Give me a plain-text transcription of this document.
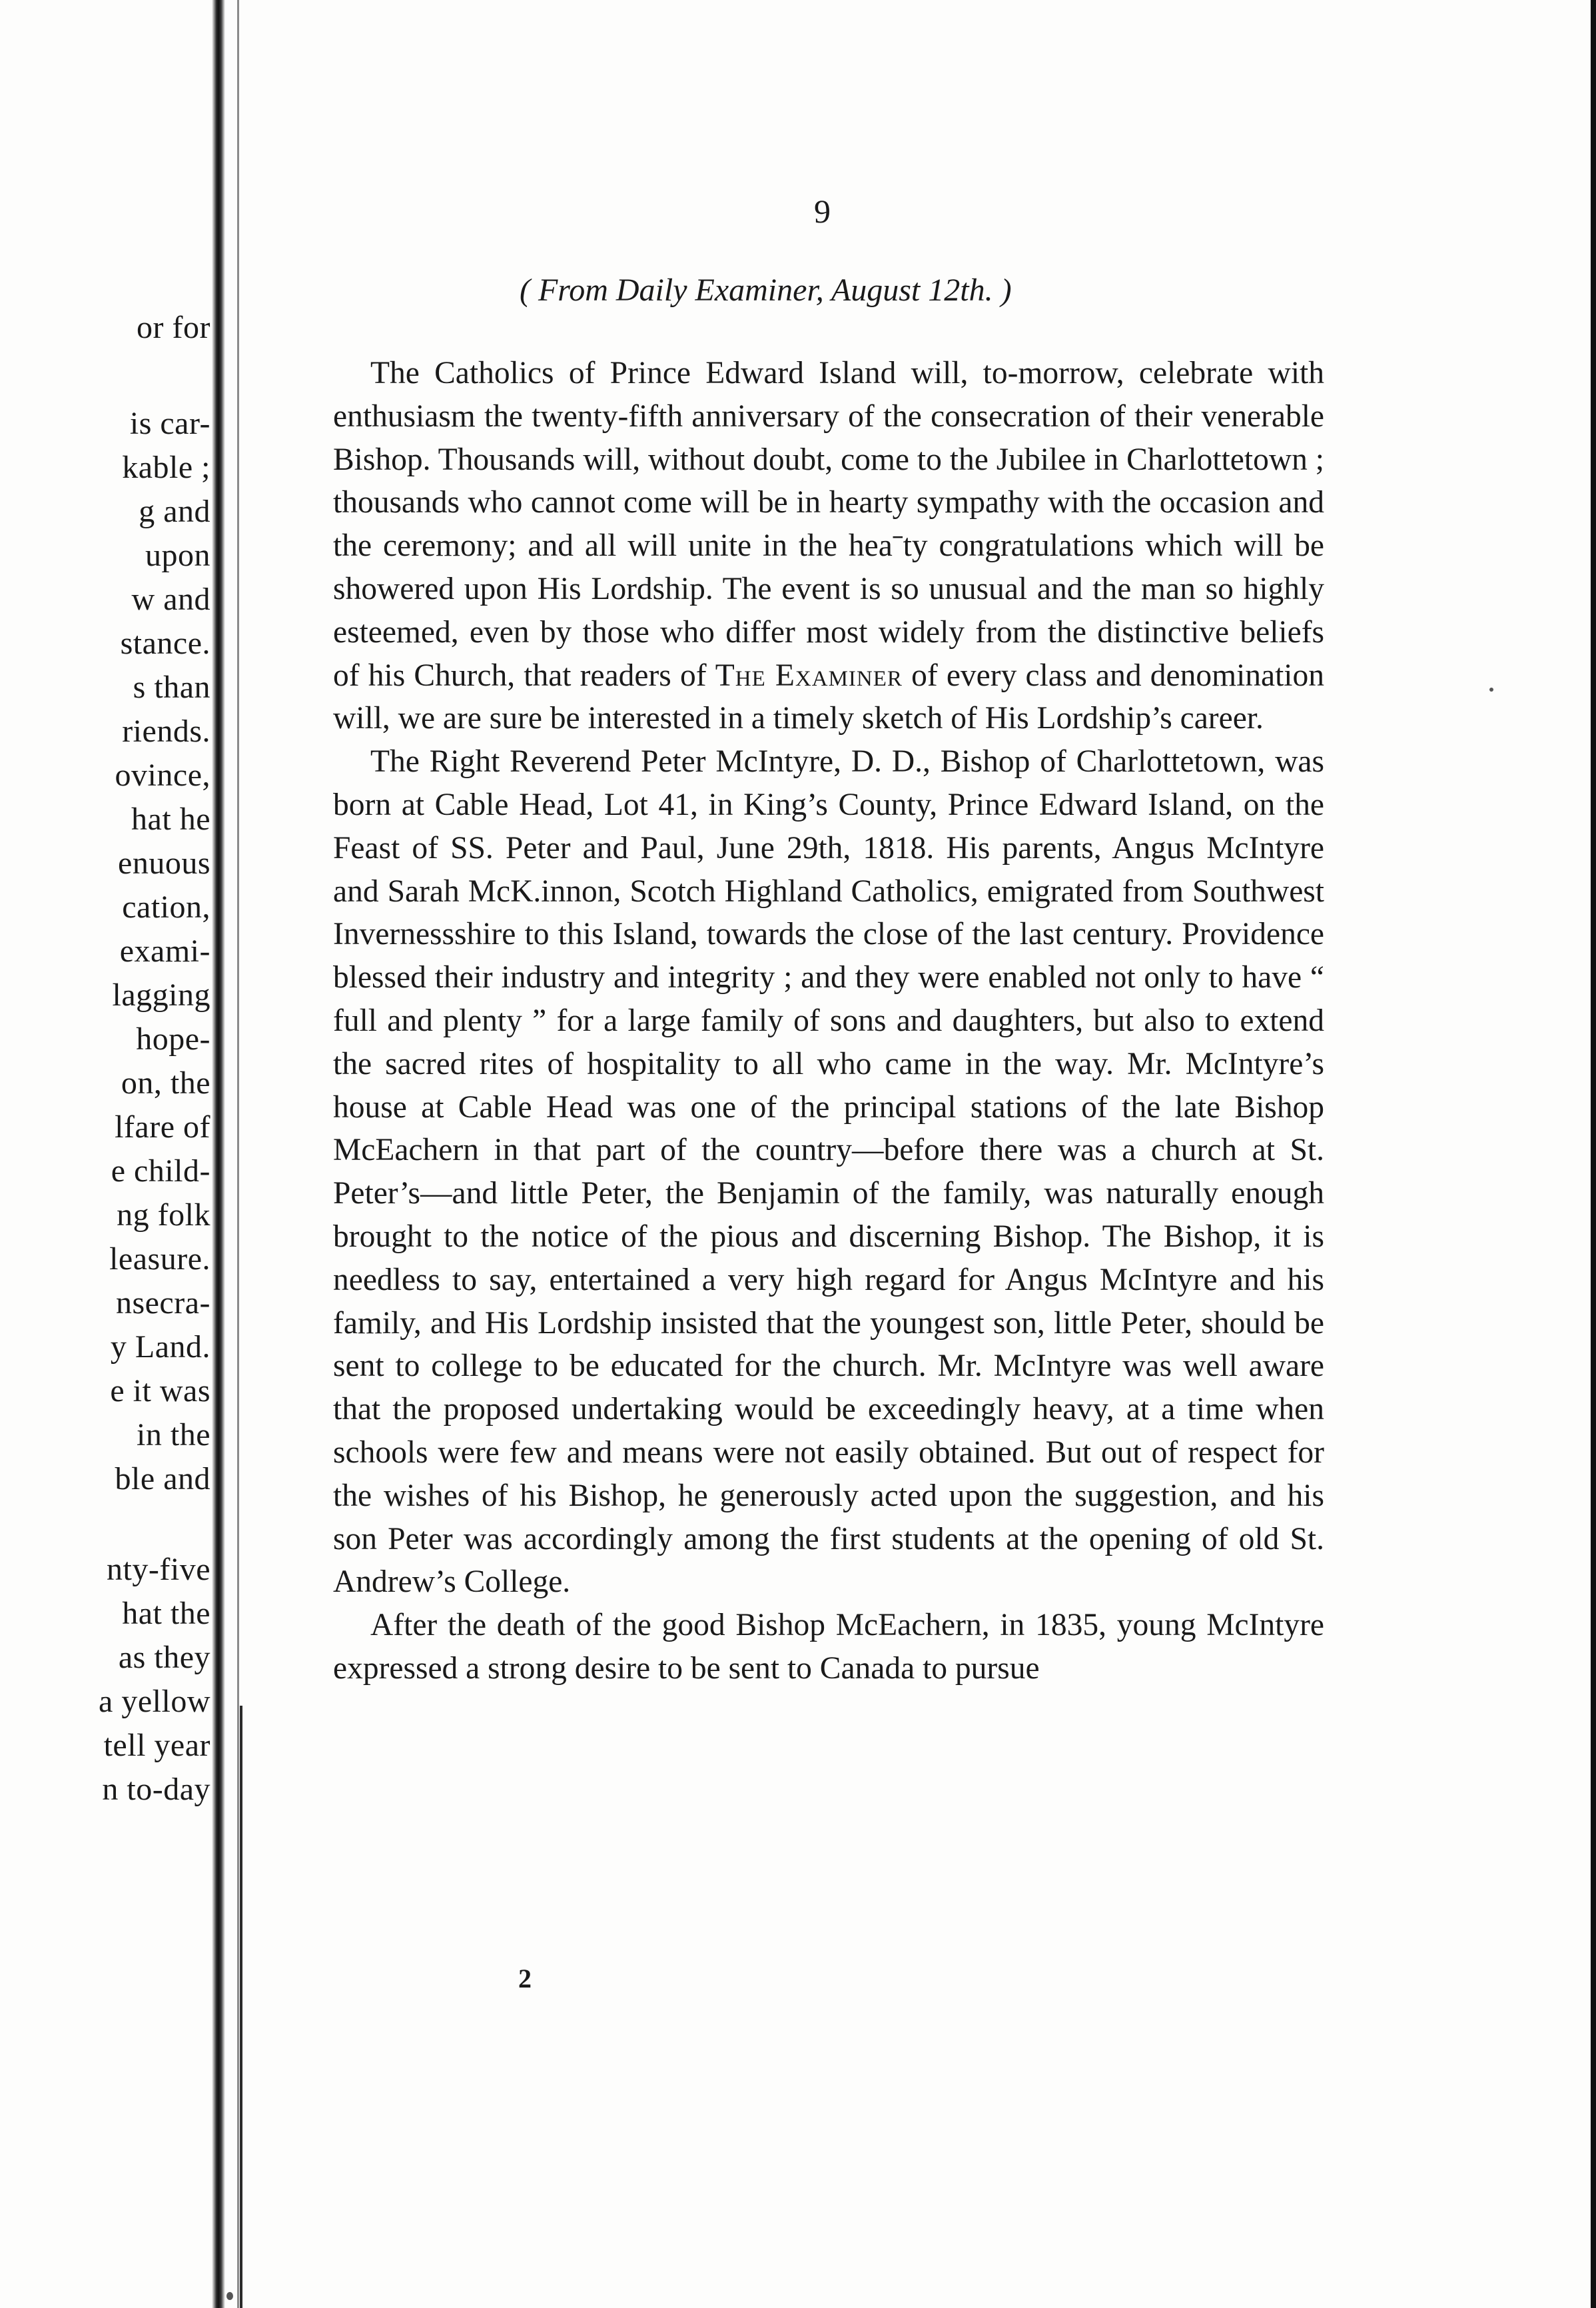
or for
is car-
kable ;
g and
upon
w and
stance.
s than
riends.
ovince,
hat he
enuous
cation,
exami-
lagging
hope-
on, the
lfare of
e child-
ng folk
leasure.
nsecra-
y Land.
e it was
in the
ble and
nty-five
hat the
as they
a yellow
tell year
n to-day
9
( From Daily Examiner, August 12th. )

The Catholics of Prince Edward Island will, to-morrow, celebrate with enthusiasm the twenty-fifth anniversary of the consecration of their venerable Bishop. Thousands will, without doubt, come to the Jubilee in Charlottetown ; thousands who cannot come will be in hearty sympathy with the occasion and the ceremony; and all will unite in the heaˉty congratulations which will be showered upon His Lordship. The event is so unusual and the man so highly esteemed, even by those who differ most widely from the distinctive beliefs of his Church, that readers of The Examiner of every class and denomination will, we are sure be interested in a timely sketch of His Lordship’s career.

The Right Reverend Peter McIntyre, D. D., Bishop of Charlottetown, was born at Cable Head, Lot 41, in King’s County, Prince Edward Island, on the Feast of SS. Peter and Paul, June 29th, 1818. His parents, Angus McIntyre and Sarah McK.innon, Scotch Highland Catholics, emigrated from Southwest Invernessshire to this Island, towards the close of the last century. Providence blessed their industry and integrity ; and they were enabled not only to have “ full and plenty ” for a large family of sons and daughters, but also to extend the sacred rites of hospitality to all who came in the way. Mr. McIntyre’s house at Cable Head was one of the principal stations of the late Bishop McEachern in that part of the country—before there was a church at St. Peter’s—and little Peter, the Benjamin of the family, was naturally enough brought to the notice of the pious and discerning Bishop. The Bishop, it is needless to say, entertained a very high regard for Angus McIntyre and his family, and His Lordship insisted that the youngest son, little Peter, should be sent to college to be educated for the church. Mr. McIntyre was well aware that the proposed undertaking would be exceedingly heavy, at a time when schools were few and means were not easily obtained. But out of respect for the wishes of his Bishop, he generously acted upon the suggestion, and his son Peter was accordingly among the first students at the opening of old St. Andrew’s College.

After the death of the good Bishop McEachern, in 1835, young McIntyre expressed a strong desire to be sent to Canada to pursue

2
